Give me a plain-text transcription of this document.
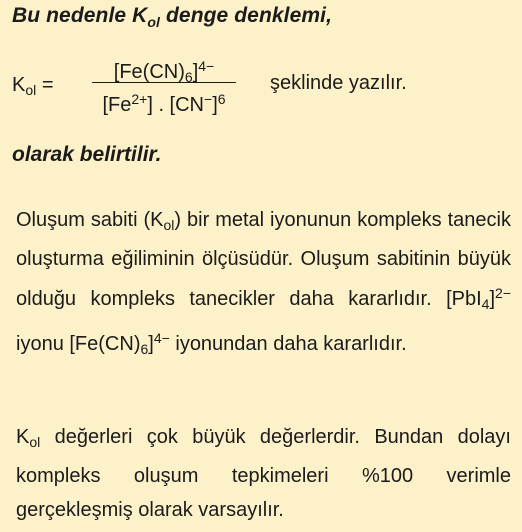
Bu nedenle $K_{ol}$ denge denklemi,
$K_{ol}$ =
$[Fe(CN)_6]^{4-}$
$[Fe^{2+}]$ . $[CN^-]^6$
şeklinde yazılır.
olarak belirtilir.
Oluşum sabiti $(K_{ol})$ bir metal iyonunun kompleks tanecik oluşturma eğiliminin ölçüsüdür. Oluşum sabitinin büyük olduğu kompleks tanecikler daha kararlıdır. $[PbI_4]^{2-}$ iyonu $[Fe(CN)_6]^{4-}$ iyonundan daha kararlıdır.
$K_{ol}$ değerleri çok büyük değerlerdir. Bundan dolayı kompleks oluşum tepkimeleri %100 verimle gerçekleşmiş olarak varsayılır.
